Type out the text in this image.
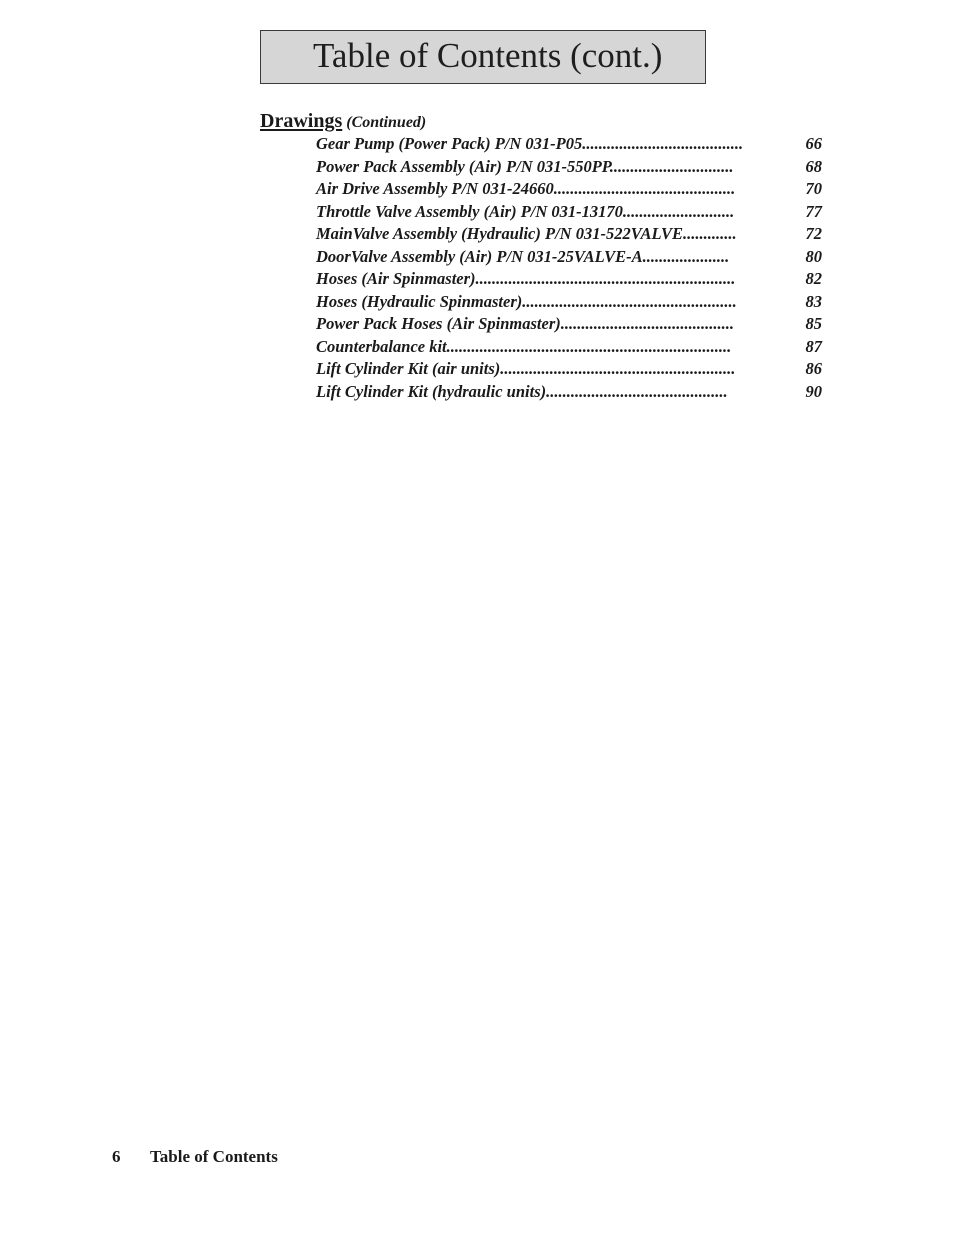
Table of Contents (cont.)
Drawings (Continued)
Gear Pump (Power Pack) P/N 031-P05.......................................	66
Power Pack Assembly (Air) P/N 031-550PP..............................	68
Air Drive Assembly P/N 031-24660............................................	70
Throttle Valve Assembly (Air) P/N 031-13170...........................	77
MainValve Assembly (Hydraulic) P/N 031-522VALVE.............	72
DoorValve Assembly (Air) P/N 031-25VALVE-A.....................	80
Hoses (Air Spinmaster)...............................................................	82
Hoses (Hydraulic Spinmaster)....................................................	83
Power Pack Hoses (Air Spinmaster)..........................................	85
Counterbalance kit.....................................................................	87
Lift Cylinder Kit (air units).........................................................	86
Lift Cylinder Kit (hydraulic units)............................................	90
6 Table of Contents
